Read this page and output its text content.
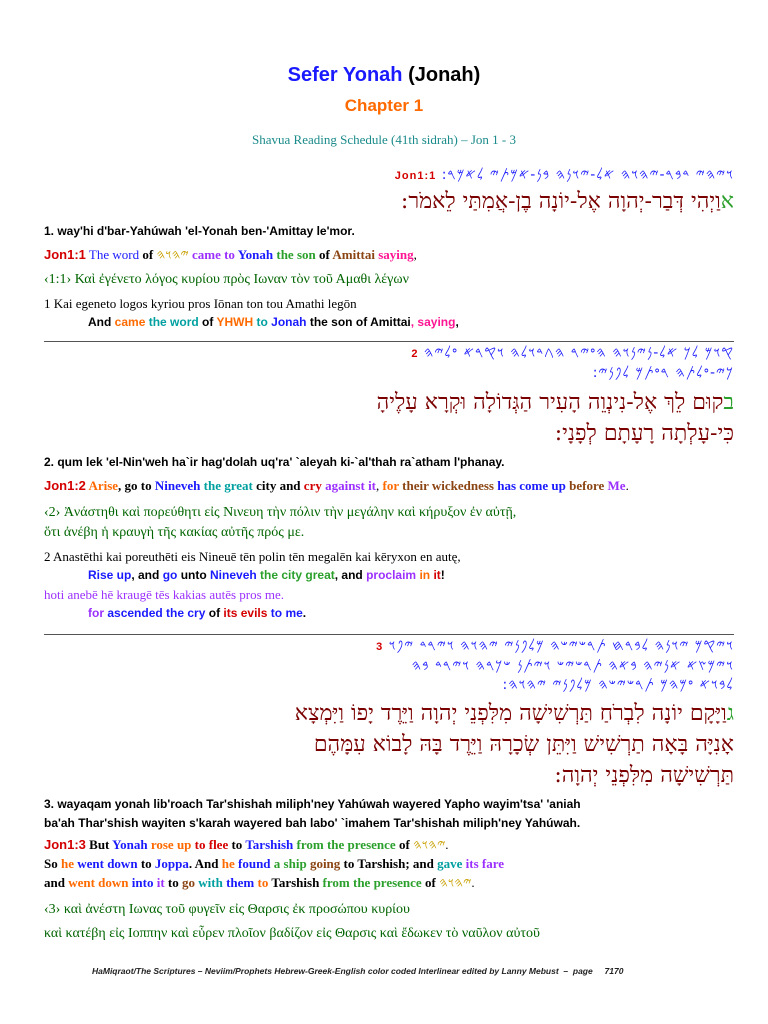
Sefer Yonah (Jonah)
Chapter 1
Shavua Reading Schedule (41th sidrah) – Jon 1 - 3
𐤅𐤉𐤄𐤉 𐤃𐤁𐤓-𐤉𐤄𐤅𐤄 𐤀𐤋-𐤉𐤅𐤍𐤄 𐤁𐤍-𐤀𐤌𐤕𐤉 𐤋𐤀𐤌𐤓: Jon1:1
אוַיְהִי דְּבַר-יְהוָה אֶל-יוֹנָה בֶן-אֲמִתַּי לֵאמֹר:
1. way'hi d'bar-Yahúwah 'el-Yonah ben-'Amittay le'mor.
Jon1:1 The word of 𐤉𐤄𐤅𐤄 came to Yonah the son of Amittai saying,
‹1:1› Καὶ ἐγένετο λόγος κυρίου πρὸς Ιωναν τὸν τοῦ Αμαθι λέγων
1 Kai egeneto logos kyriou pros Iōnan ton tou Amathi legōn
And came the word of YHWH to Jonah the son of Amittai, saying,
𐤒𐤅𐤌 𐤋𐤊 𐤀𐤋-𐤍𐤉𐤍𐤅𐤄 𐤄𐤏𐤉𐤓 𐤄𐤂𐤃𐤅𐤋𐤄 𐤅𐤒𐤓𐤀 𐤏𐤋𐤉𐤄 2
𐤊𐤉-𐤏𐤋𐤕𐤄 𐤓𐤏𐤕𐤌 𐤋𐤐𐤍𐤉:
בקוּם לֵךְ אֶל-נִינְוֵה הָעִיר הַגְּדוֹלָה וּקְרָא עָלֶיהָ
כִּי-עָלְתָה רָעָתָם לְפָנָי:
2. qum lek 'el-Nin'weh ha`ir hag'dolah uq'ra' `aleyah ki-`al'thah ra`atham l'phanay.
Jon1:2 Arise, go to Nineveh the great city and cry against it, for their wickedness has come up before Me.
‹2› Ἀνάστηθι καὶ πορεύθητι εἰς Νινευη τὴν πόλιν τὴν μεγάλην καὶ κήρυξον ἐν αὐτῇ,
ὅτι ἀνέβη ἡ κραυγὴ τῆς κακίας αὐτῆς πρός με.
2 Anastēthi kai poreuthēti eis Nineuē tēn polin tēn megalēn kai kēryxon en autę,
Rise up, and go unto Nineveh the city great, and proclaim in it!
hoti anebē hē kraugē tēs kakias autēs pros me.
for ascended the cry of its evils to me.
𐤅𐤉𐤒𐤌 𐤉𐤅𐤍𐤄 𐤋𐤁𐤓𐤇 𐤕𐤓𐤔𐤉𐤔𐤄 𐤌𐤋𐤐𐤍𐤉 𐤉𐤄𐤅𐤄 𐤅𐤉𐤓𐤃 𐤉𐤐𐤅 3
𐤅𐤉𐤌𐤑𐤀 𐤀𐤍𐤉𐤄 𐤁𐤀𐤄 𐤕𐤓𐤔𐤉𐤔 𐤅𐤉𐤕𐤍 𐤔𐤊𐤓𐤄 𐤅𐤉𐤓𐤃 𐤁𐤄
𐤋𐤁𐤅𐤀 𐤏𐤌𐤄𐤌 𐤕𐤓𐤔𐤉𐤔𐤄 𐤌𐤋𐤐𐤍𐤉 𐤉𐤄𐤅𐤄:
גוַיָּקָם יוֹנָה לִבְרֹחַ תַּרְשִׁישָׁה מִלִּפְנֵי יְהוָה וַיֵּרֶד יָפוֹ וַיִּמְצָא
אָנִיָּה בָּאָה תַרְשִׁישׁ וַיִּתֵּן שְׂכָרָהּ וַיֵּרֶד בָּהּ לָבוֹא עִמָּהֶם
תַּרְשִׁישָׁה מִלִּפְנֵי יְהוָה:
3. wayaqam yonah lib'roach Tar'shishah miliph'ney Yahúwah wayered Yapho wayim'tsa' 'aniah
ba'ah Thar'shish wayiten s'karah wayered bah labo' `imahem Tar'shishah miliph'ney Yahúwah.
Jon1:3 But Yonah rose up to flee to Tarshish from the presence of 𐤉𐤄𐤅𐤄.
So he went down to Joppa. And he found a ship going to Tarshish; and gave its fare
and went down into it to go with them to Tarshish from the presence of 𐤉𐤄𐤅𐤄.
‹3› καὶ ἀνέστη Ιωνας τοῦ φυγεῖν εἰς Θαρσις ἐκ προσώπου κυρίου
καὶ κατέβη εἰς Ιοππην καὶ εὗρεν πλοῖον βαδίζον εἰς Θαρσις καὶ ἔδωκεν τὸ ναῦλον αὐτοῦ
HaMiqraot/The Scriptures – Neviim/Prophets Hebrew-Greek-English color coded Interlinear edited by Lanny Mebust – page 7170
